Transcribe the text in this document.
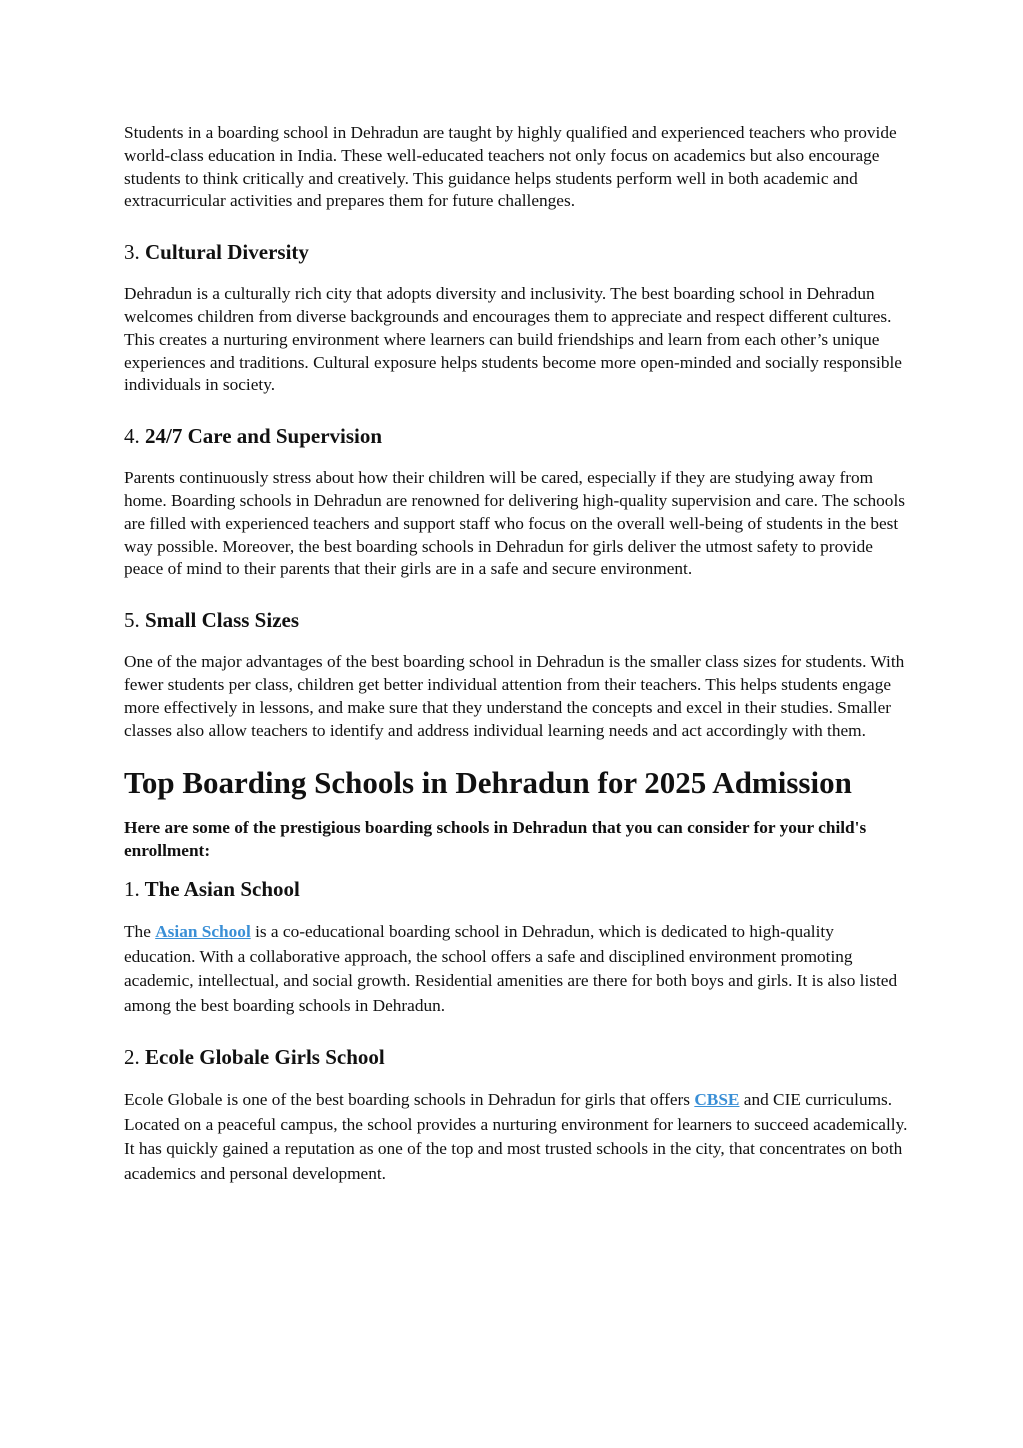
Students in a boarding school in Dehradun are taught by highly qualified and experienced teachers who provide world-class education in India. These well-educated teachers not only focus on academics but also encourage students to think critically and creatively. This guidance helps students perform well in both academic and extracurricular activities and prepares them for future challenges.

3. Cultural Diversity

Dehradun is a culturally rich city that adopts diversity and inclusivity. The best boarding school in Dehradun welcomes children from diverse backgrounds and encourages them to appreciate and respect different cultures. This creates a nurturing environment where learners can build friendships and learn from each other’s unique experiences and traditions. Cultural exposure helps students become more open-minded and socially responsible individuals in society.

4. 24/7 Care and Supervision

Parents continuously stress about how their children will be cared, especially if they are studying away from home. Boarding schools in Dehradun are renowned for delivering high-quality supervision and care. The schools are filled with experienced teachers and support staff who focus on the overall well-being of students in the best way possible. Moreover, the best boarding schools in Dehradun for girls deliver the utmost safety to provide peace of mind to their parents that their girls are in a safe and secure environment.

5. Small Class Sizes

One of the major advantages of the best boarding school in Dehradun is the smaller class sizes for students. With fewer students per class, children get better individual attention from their teachers. This helps students engage more effectively in lessons, and make sure that they understand the concepts and excel in their studies. Smaller classes also allow teachers to identify and address individual learning needs and act accordingly with them.

Top Boarding Schools in Dehradun for 2025 Admission

Here are some of the prestigious boarding schools in Dehradun that you can consider for your child's enrollment:

1. The Asian School

The Asian School is a co-educational boarding school in Dehradun, which is dedicated to high-quality education. With a collaborative approach, the school offers a safe and disciplined environment promoting academic, intellectual, and social growth. Residential amenities are there for both boys and girls. It is also listed among the best boarding schools in Dehradun.

2. Ecole Globale Girls School

Ecole Globale is one of the best boarding schools in Dehradun for girls that offers CBSE and CIE curriculums. Located on a peaceful campus, the school provides a nurturing environment for learners to succeed academically. It has quickly gained a reputation as one of the top and most trusted schools in the city, that concentrates on both academics and personal development.
